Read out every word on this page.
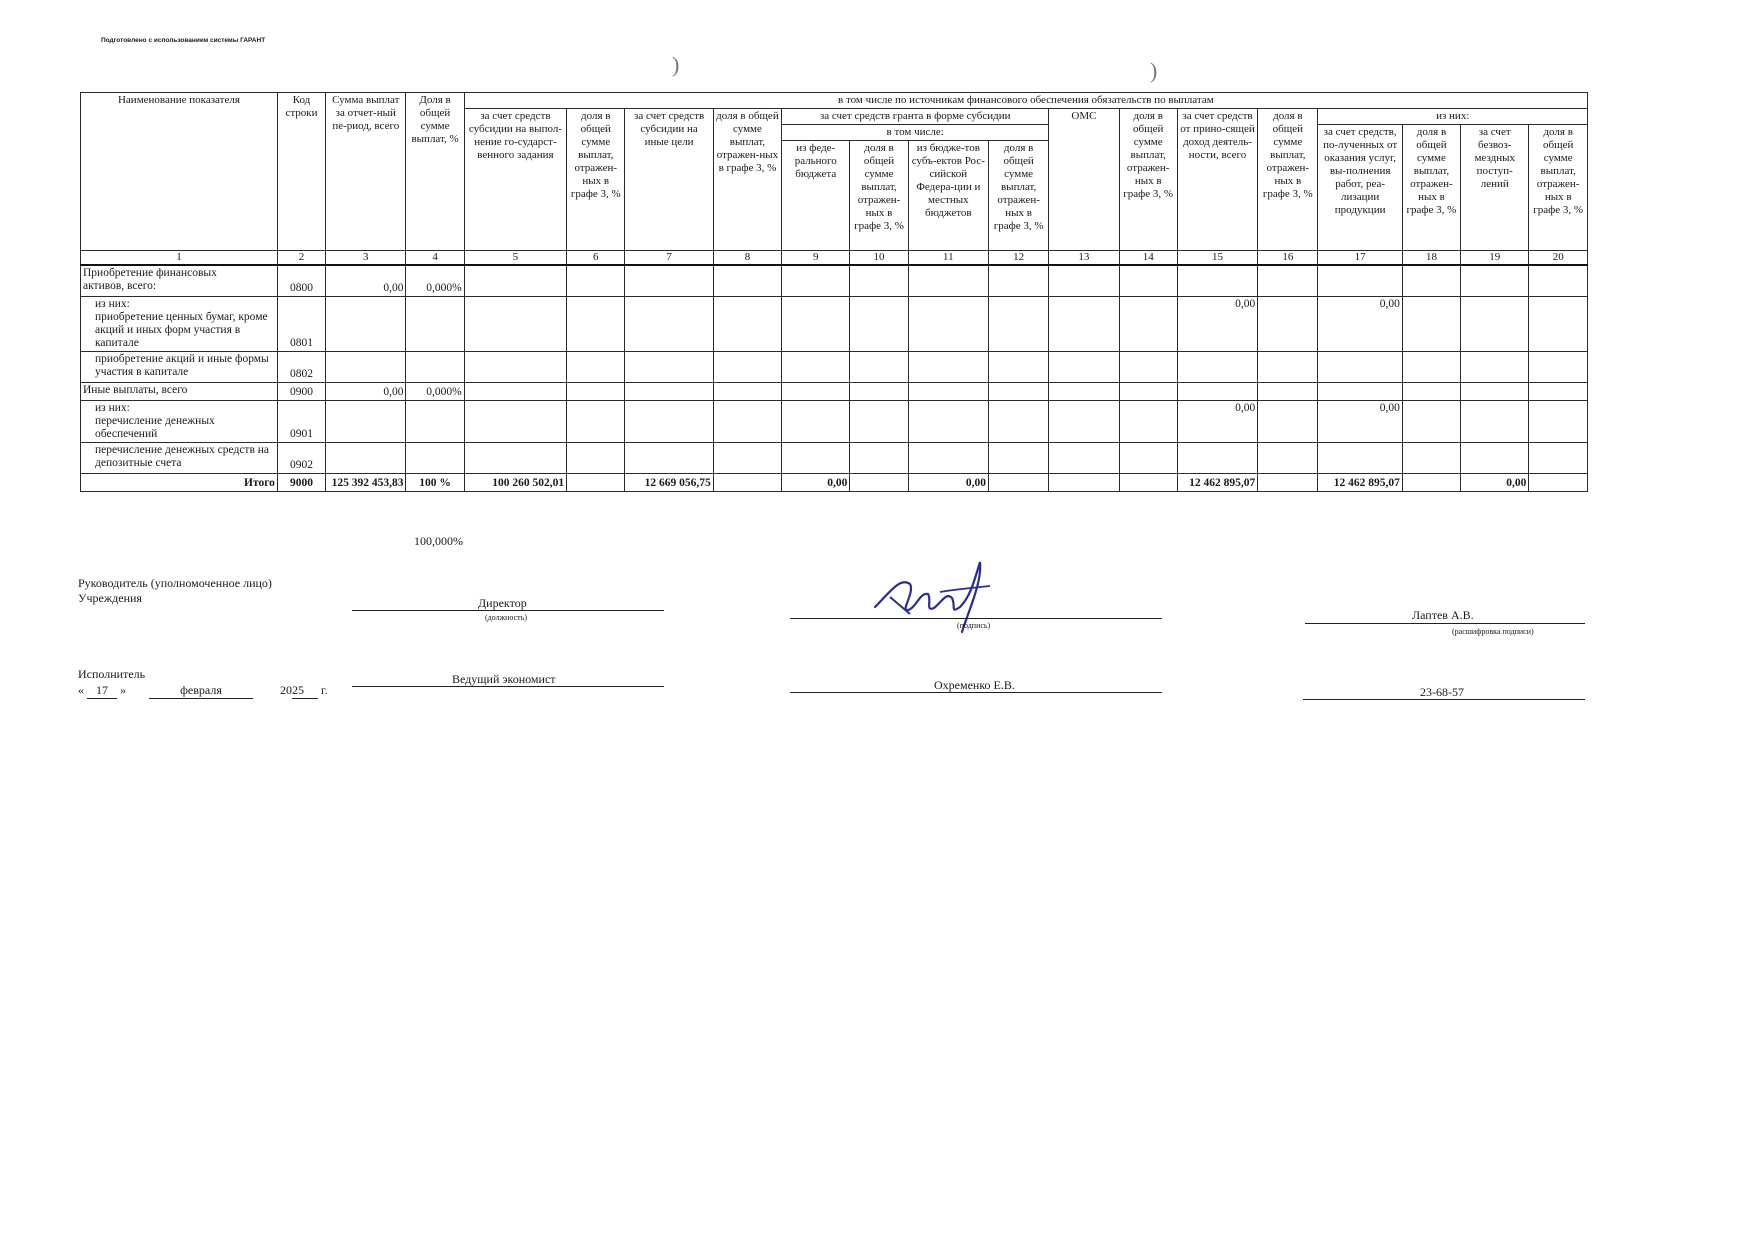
Подготовлено с использованием системы ГАРАНТ
)	)
Наименование показателя	Код строки	Сумма выплат за отчет-ный пе-риод, всего	Доля в общей сумме выплат, %	в том числе по источникам финансового обеспечения обязательств по выплатам															
				за счет средств субсидии на выпол-нение го-сударст-венного задания	доля в общей сумме выплат, отражен-ных в графе 3, %	за счет средств субсидии на иные цели	доля в общей сумме выплат, отражен-ных в графе 3, %	за счет средств гранта в форме субсидии				ОМС	доля в общей сумме выплат, отражен-ных в графе 3, %	за счет средств от прино-сящей доход деятель-ности, всего	доля в общей сумме выплат, отражен-ных в графе 3, %	из них:			
								в том числе:								за счет средств, по-лученных от оказания услуг, вы-полнения работ, реа-лизации продукции	доля в общей сумме выплат, отражен-ных в графе 3, %	за счет безвоз-мездных поступ-лений	доля в общей сумме выплат, отражен-ных в графе 3, %
								из феде-рального бюджета	доля в общей сумме выплат, отражен-ных в графе 3, %	из бюдже-тов субъ-ектов Рос-сийской Федера-ции и местных бюджетов	доля в общей сумме выплат, отражен-ных в графе 3, %								

1	2	3	4	5	6	7	8	9	10	11	12	13	14	15	16	17	18	19	20
Приобретение финансовых
активов, всего:	0800	0,00	0,000%																
из них:
приобретение ценных бумаг, кроме акций и иных форм участия в капитале	0801													0,00		0,00			
приобретение акций и иные формы участия в капитале	0802																		
Иные выплаты, всего	0900	0,00	0,000%																
из них:
перечисление денежных обеспечений	0901													0,00		0,00			
перечисление денежных средств на депозитные счета	0902																		
Итого	9000	125 392 453,83	100 %	100 260 502,01		12 669 056,75		0,00		0,00				12 462 895,07		12 462 895,07		0,00	
100,000%
Руководитель (уполномоченное лицо)
Учреждения	Директор
(должность)
(подпись)
Лаптев А.В.
(расшифровка подписи)
Исполнитель
« 17 »	февраля	2025 г.
Ведущий экономист	Охременко Е.В.	23-68-57
